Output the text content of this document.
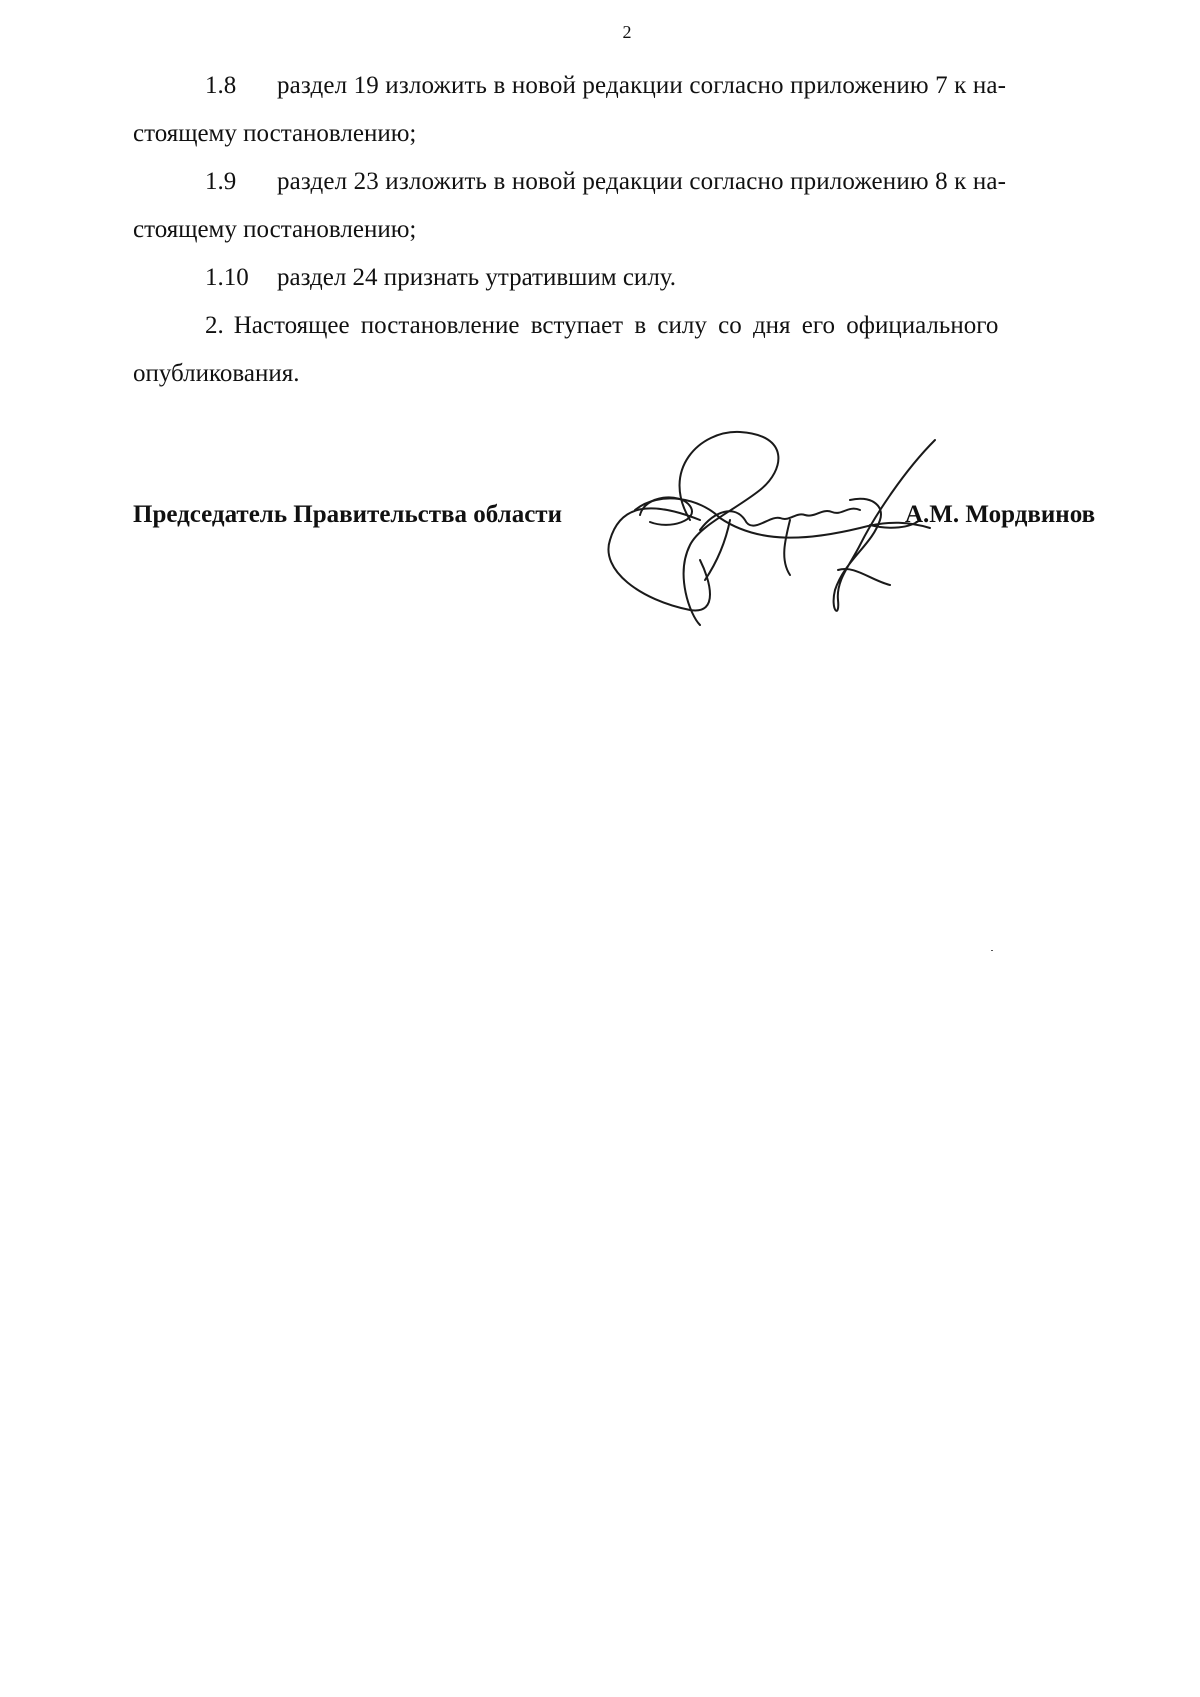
2
1.8 раздел 19 изложить в новой редакции согласно приложению 7 к на-
стоящему постановлению;
1.9 раздел 23 изложить в новой редакции согласно приложению 8 к на-
стоящему постановлению;
1.10 раздел 24 признать утратившим силу.
2. Настоящее постановление вступает в силу со дня его официального
опубликования.
Председатель Правительства области	А.М. Мордвинов
